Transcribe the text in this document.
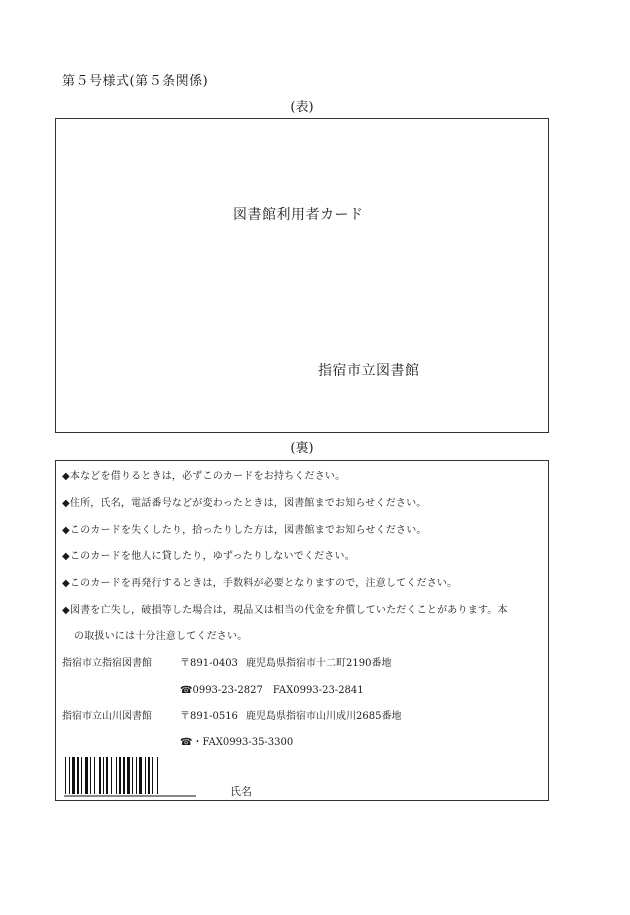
第５号様式(第５条関係)
(表)
図書館利用者カード
指宿市立図書館
(裏)
◆本などを借りるときは，必ずこのカードをお持ちください。
◆住所，氏名，電話番号などが変わったときは，図書館までお知らせください。
◆このカードを失くしたり，拾ったりした方は，図書館までお知らせください。
◆このカードを他人に貸したり，ゆずったりしないでください。
◆このカードを再発行するときは，手数料が必要となりますので，注意してください。
◆図書を亡失し，破損等した場合は，現品又は相当の代金を弁償していただくことがあります。本
の取扱いには十分注意してください。
指宿市立指宿図書館	〒891-0403 鹿児島県指宿市十二町2190番地
☎0993-23-2827　FAX0993-23-2841
指宿市立山川図書館	〒891-0516 鹿児島県指宿市山川成川2685番地
☎・FAX0993-35-3300
氏名
